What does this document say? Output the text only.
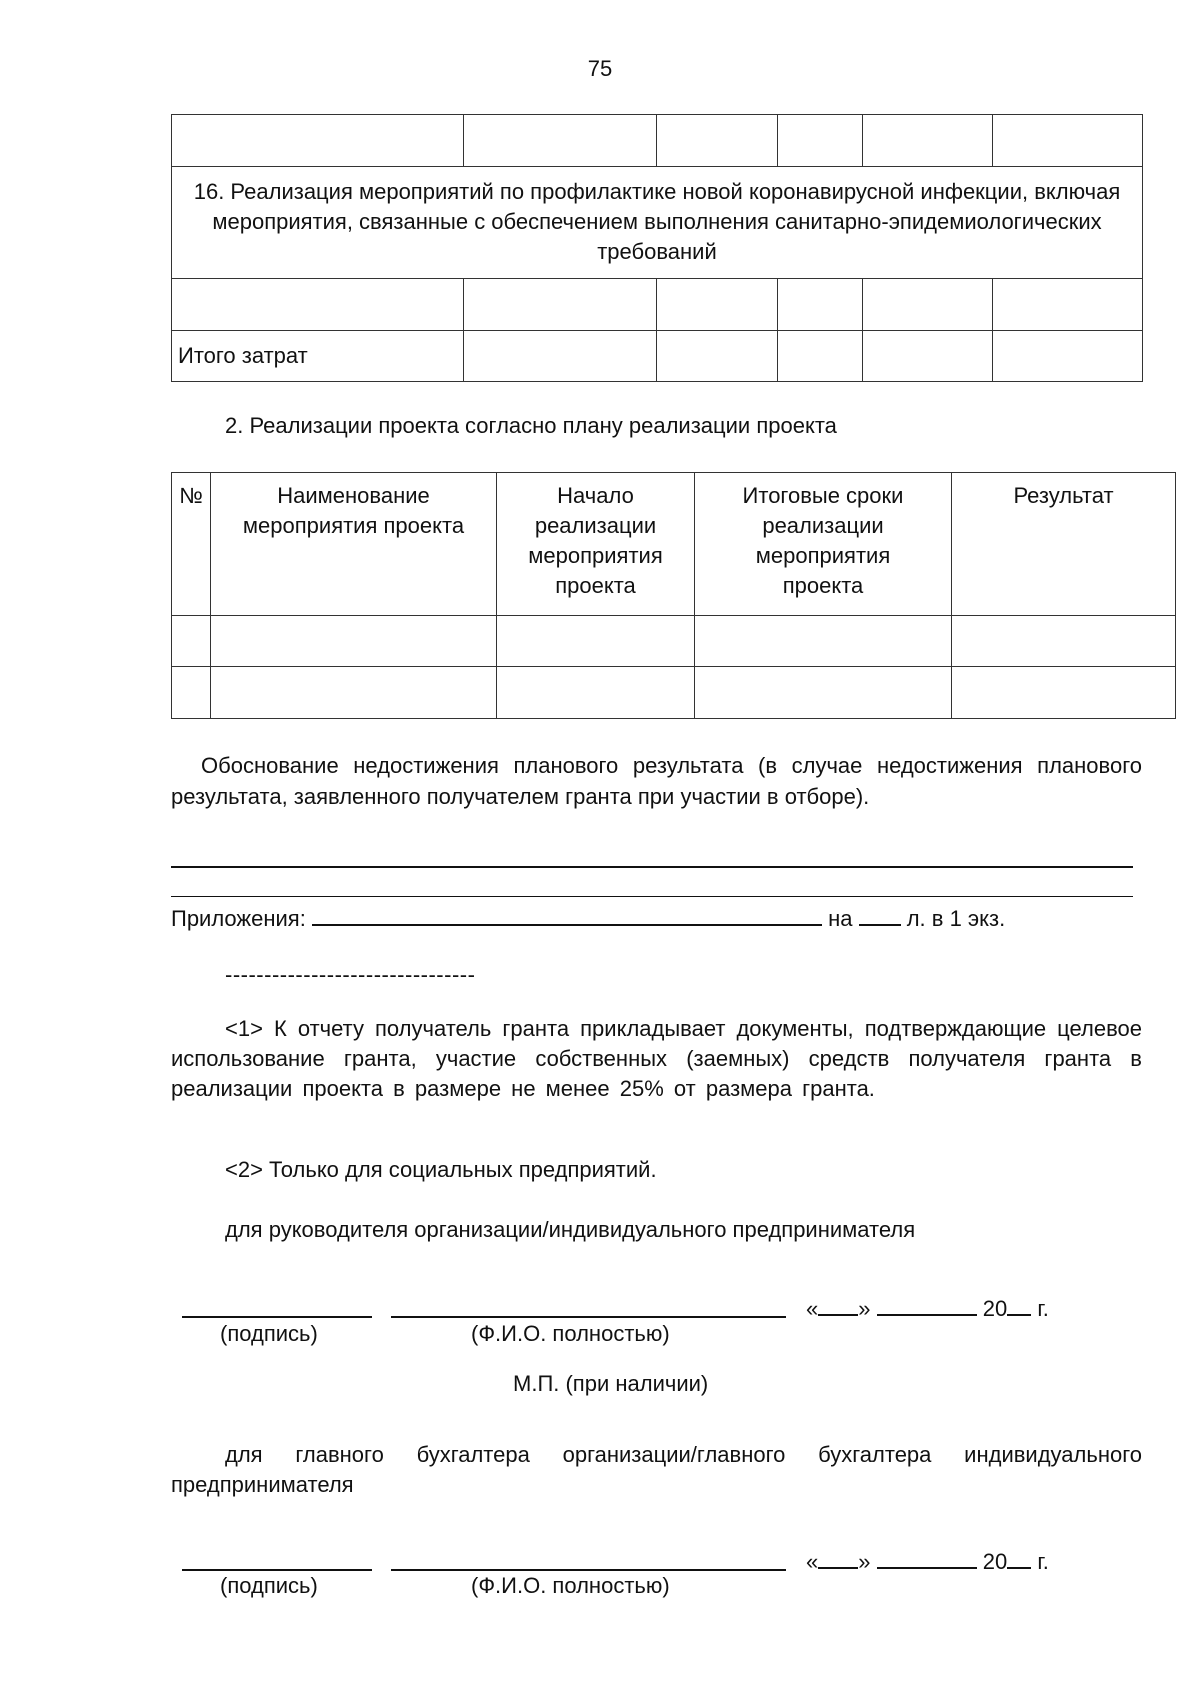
75

16. Реализация мероприятий по профилактике новой коронавирусной инфекции, включая мероприятия, связанные с обеспечением выполнения санитарно-эпидемиологических требований					

Итого затрат					
2. Реализации проекта согласно плану реализации проекта
№	Наименование мероприятия проекта	Начало реализации мероприятия проекта	Итоговые сроки реализации мероприятия проекта	Результат

Обоснование недостижения планового результата (в случае недостижения планового результата, заявленного получателем гранта при участии в отборе).
Приложения:	на л. в 1 экз.
--------------------------------
<1> К отчету получатель гранта прикладывает документы, подтверждающие целевое использование гранта, участие собственных (заемных) средств получателя гранта в реализации проекта в размере не менее 25% от размера гранта.
<2> Только для социальных предприятий.
для руководителя организации/индивидуального предпринимателя
« »	20 г.
(подпись)	(Ф.И.О. полностью)
М.П. (при наличии)
для главного бухгалтера организации/главного бухгалтера индивидуального предпринимателя
« »	20 г.
(подпись)	(Ф.И.О. полностью)
